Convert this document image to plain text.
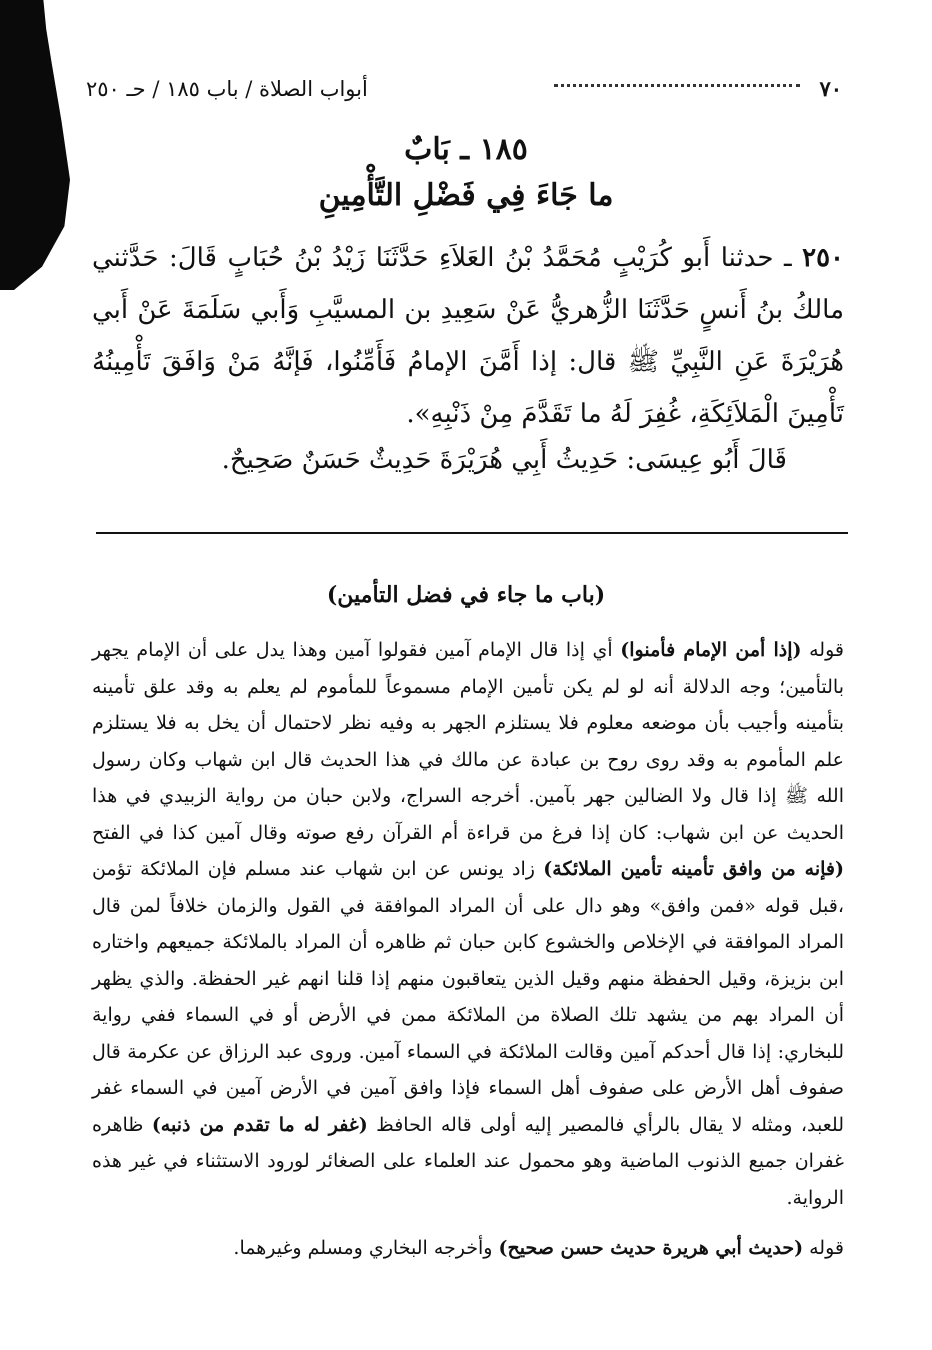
٧٠
أبواب الصلاة / باب ١٨٥ / حـ ٢٥٠
١٨٥ ـ بَابٌ
ما جَاءَ فِي فَضْلِ التَّأْمِينِ
٢٥٠ ـ حدثنا أَبو كُرَيْبٍ مُحَمَّدُ بْنُ العَلاَءِ حَدَّثَنَا زَيْدُ بْنُ حُبَابٍ قَالَ: حَدَّثني مالكُ بنُ أَنسٍ حَدَّثَنَا الزُّهريُّ عَنْ سَعِيدِ بن المسيَّبِ وَأَبي سَلَمَةَ عَنْ أَبي هُرَيْرَةَ عَنِ النَّبِيِّ ﷺ قال: إذا أَمَّنَ الإمامُ فَأَمِّنُوا، فَإنَّهُ مَنْ وَافَقَ تَأْمِينُهُ تَأْمِينَ الْمَلاَئِكَةِ، غُفِرَ لَهُ ما تَقَدَّمَ مِنْ ذَنْبِهِ».
قَالَ أَبُو عِيسَى: حَدِيثُ أَبِي هُرَيْرَةَ حَدِيثٌ حَسَنٌ صَحِيحٌ.
(باب ما جاء في فضل التأمين)

قوله (إذا أمن الإمام فأمنوا) أي إذا قال الإمام آمين فقولوا آمين وهذا يدل على أن الإمام يجهر بالتأمين؛ وجه الدلالة أنه لو لم يكن تأمين الإمام مسموعاً للمأموم لم يعلم به وقد علق تأمينه بتأمينه وأجيب بأن موضعه معلوم فلا يستلزم الجهر به وفيه نظر لاحتمال أن يخل به فلا يستلزم علم المأموم به وقد روى روح بن عبادة عن مالك في هذا الحديث قال ابن شهاب وكان رسول الله ﷺ إذا قال ولا الضالين جهر بآمين. أخرجه السراج، ولابن حبان من رواية الزبيدي في هذا الحديث عن ابن شهاب: كان إذا فرغ من قراءة أم القرآن رفع صوته وقال آمين كذا في الفتح (فإنه من وافق تأمينه تأمين الملائكة) زاد يونس عن ابن شهاب عند مسلم فإن الملائكة تؤمن ،قبل قوله «فمن وافق» وهو دال على أن المراد الموافقة في القول والزمان خلافاً لمن قال المراد الموافقة في الإخلاص والخشوع كابن حبان ثم ظاهره أن المراد بالملائكة جميعهم واختاره ابن بزيزة، وقيل الحفظة منهم وقيل الذين يتعاقبون منهم إذا قلنا انهم غير الحفظة. والذي يظهر أن المراد بهم من يشهد تلك الصلاة من الملائكة ممن في الأرض أو في السماء ففي رواية للبخاري: إذا قال أحدكم آمين وقالت الملائكة في السماء آمين. وروى عبد الرزاق عن عكرمة قال صفوف أهل الأرض على صفوف أهل السماء فإذا وافق آمين في الأرض آمين في السماء غفر للعبد، ومثله لا يقال بالرأي فالمصير إليه أولى قاله الحافظ (غفر له ما تقدم من ذنبه) ظاهره غفران جميع الذنوب الماضية وهو محمول عند العلماء على الصغائر لورود الاستثناء في غير هذه الرواية.

قوله (حديث أبي هريرة حديث حسن صحيح) وأخرجه البخاري ومسلم وغيرهما.
